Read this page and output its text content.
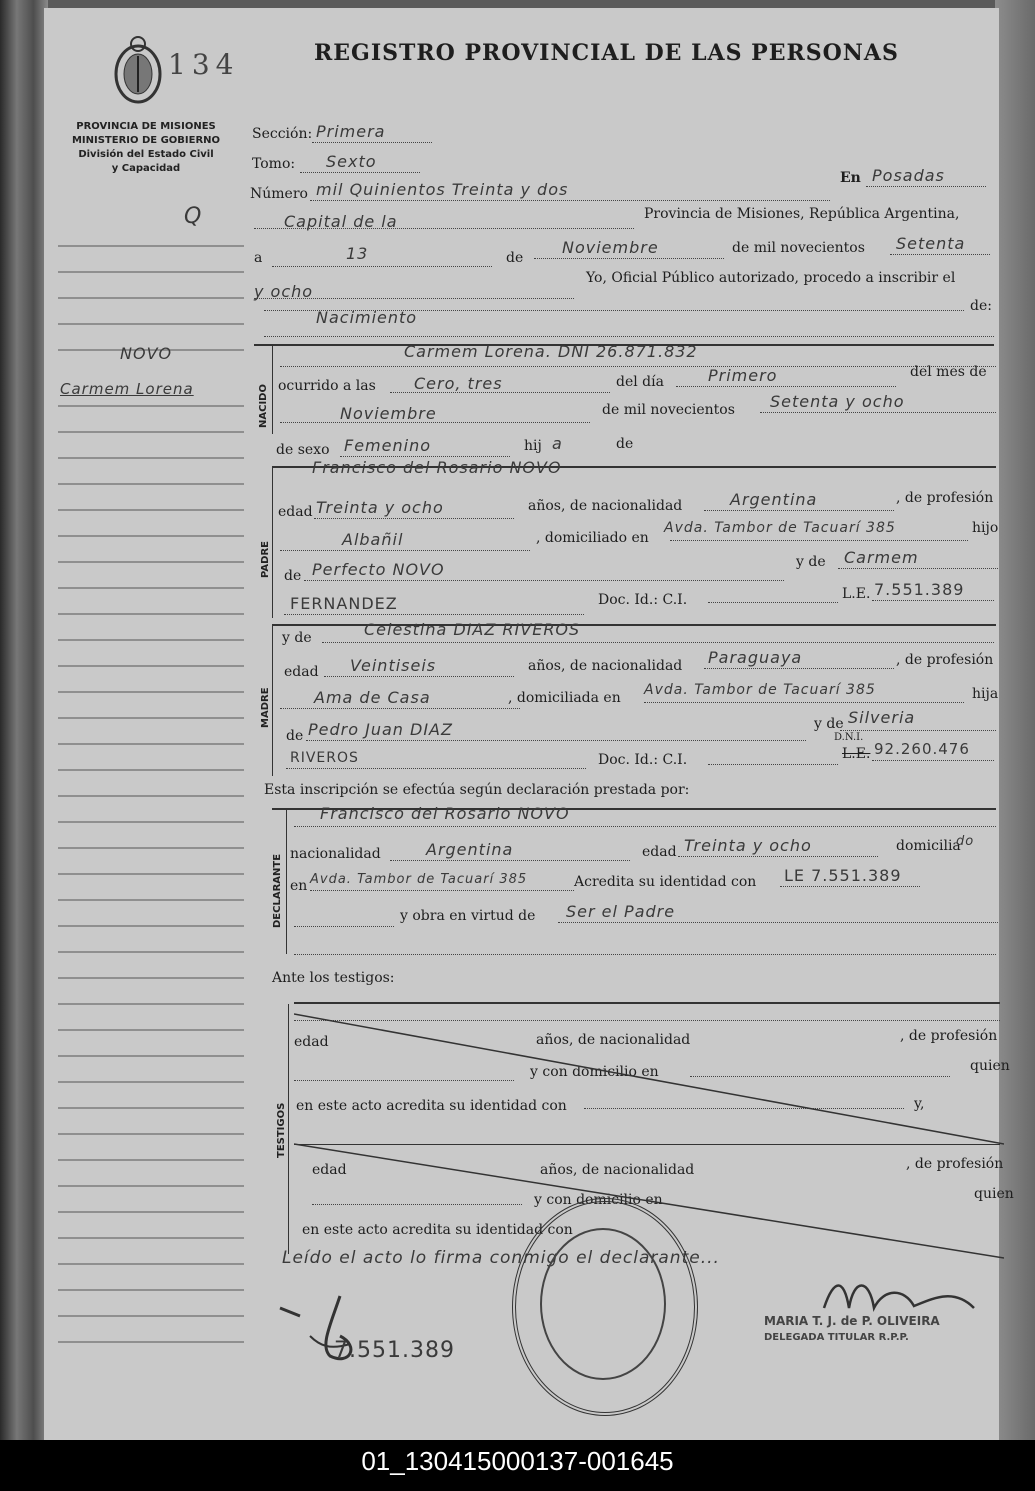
134	REGISTRO PROVINCIAL DE LAS PERSONAS
PROVINCIA DE MISIONES
MINISTERIO DE GOBIERNO
División del Estado Civil
y Capacidad
Q
NOVO
Carmem Lorena
Sección: Primera
Tomo: Sexto
Número mil Quinientos Treinta y dos
En Posadas
Capital de la	Provincia de Misiones, República Argentina,
a	13	de
Noviembre	de mil novecientos Setenta
y ocho
Yo, Oficial Público autorizado, procedo a inscribir el
de:
Nacimiento
NACIDO
Carmem Lorena. DNI 26.871.832
ocurrido a las Cero, tres	del día	Primero	del mes de
Noviembre	de mil novecientos Setenta y ocho
de sexo Femenino	hij a	de
PADRE
Francisco del Rosario NOVO
edad Treinta y ocho	años, de nacionalidad	Argentina	, de profesión
Albañil	, domiciliado en
Avda. Tambor de Tacuarí 385	hijo
de Perfecto NOVO	y de Carmem
FERNANDEZ	Doc. Id.: C.I.	L.E. 7.551.389
MADRE
y de	Celestina DIAZ RIVEROS
edad Veintiseis	años, de nacionalidad Paraguaya	, de profesión
Ama de Casa	, domiciliada en Avda. Tambor de Tacuarí 385	hija
de Pedro Juan DIAZ	y de Silveria
RIVEROS	Doc. Id.: C.I.
D.N.I.
L.E. 92.260.476
Esta inscripción se efectúa según declaración prestada por:
DECLARANTE
Francisco del Rosario NOVO
nacionalidad	Argentina	edad Treinta y ocho	domicilia
do
en Avda. Tambor de Tacuarí 385	Acredita su identidad con LE 7.551.389
y obra en virtud de Ser el Padre
Ante los testigos:
TESTIGOS
edad	años, de nacionalidad	, de profesión
y con domicilio en	quien
en este acto acredita su identidad con	y,
edad	años, de nacionalidad	, de profesión
y con domicilio en	quien
en este acto acredita su identidad con
Leído el acto lo firma conmigo el declarante...
7.551.389
MARIA T. J. de P. OLIVEIRA
DELEGADA TITULAR R.P.P.
01_130415000137-001645
